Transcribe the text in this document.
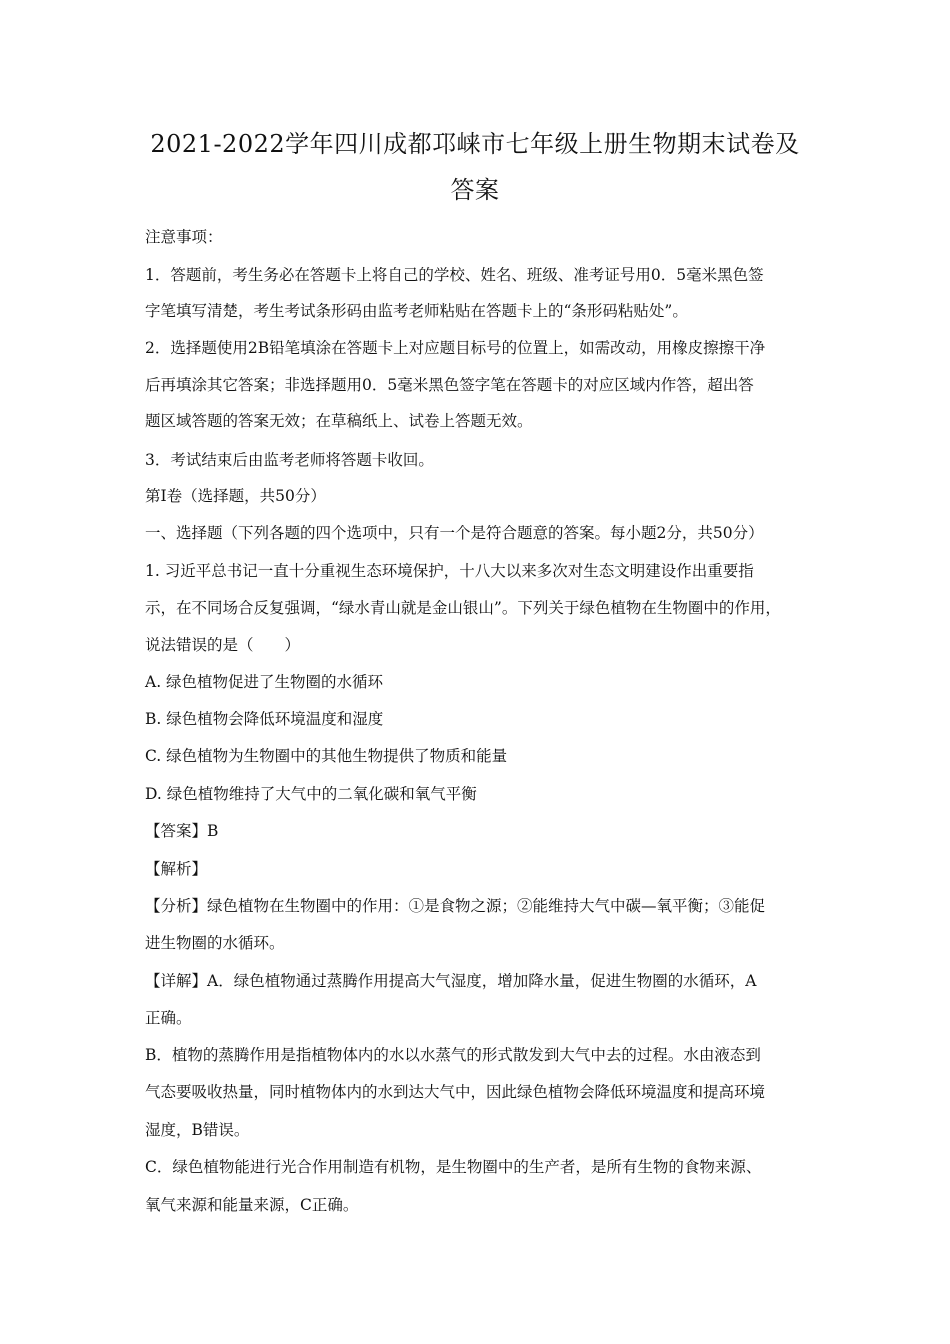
2021-2022学年四川成都邛崃市七年级上册生物期末试卷及
答案
注意事项：
1．答题前，考生务必在答题卡上将自己的学校、姓名、班级、准考证号用0．5毫米黑色签
字笔填写清楚，考生考试条形码由监考老师粘贴在答题卡上的“条形码粘贴处”。
2．选择题使用2B铅笔填涂在答题卡上对应题目标号的位置上，如需改动，用橡皮擦擦干净
后再填涂其它答案；非选择题用0．5毫米黑色签字笔在答题卡的对应区域内作答，超出答
题区域答题的答案无效；在草稿纸上、试卷上答题无效。
3．考试结束后由监考老师将答题卡收回。
第Ⅰ卷（选择题，共50分）
一、选择题（下列各题的四个选项中，只有一个是符合题意的答案。每小题2分，共50分）
1. 习近平总书记一直十分重视生态环境保护，十八大以来多次对生态文明建设作出重要指
示，在不同场合反复强调，“绿水青山就是金山银山”。下列关于绿色植物在生物圈中的作用，
说法错误的是（　　）
A. 绿色植物促进了生物圈的水循环
B. 绿色植物会降低环境温度和湿度
C. 绿色植物为生物圈中的其他生物提供了物质和能量
D. 绿色植物维持了大气中的二氧化碳和氧气平衡
【答案】B
【解析】
【分析】绿色植物在生物圈中的作用：①是食物之源；②能维持大气中碳—氧平衡；③能促
进生物圈的水循环。
【详解】A．绿色植物通过蒸腾作用提高大气湿度，增加降水量，促进生物圈的水循环，A
正确。
B．植物的蒸腾作用是指植物体内的水以水蒸气的形式散发到大气中去的过程。水由液态到
气态要吸收热量，同时植物体内的水到达大气中，因此绿色植物会降低环境温度和提高环境
湿度，B错误。
C．绿色植物能进行光合作用制造有机物，是生物圈中的生产者，是所有生物的食物来源、
氧气来源和能量来源，C正确。
